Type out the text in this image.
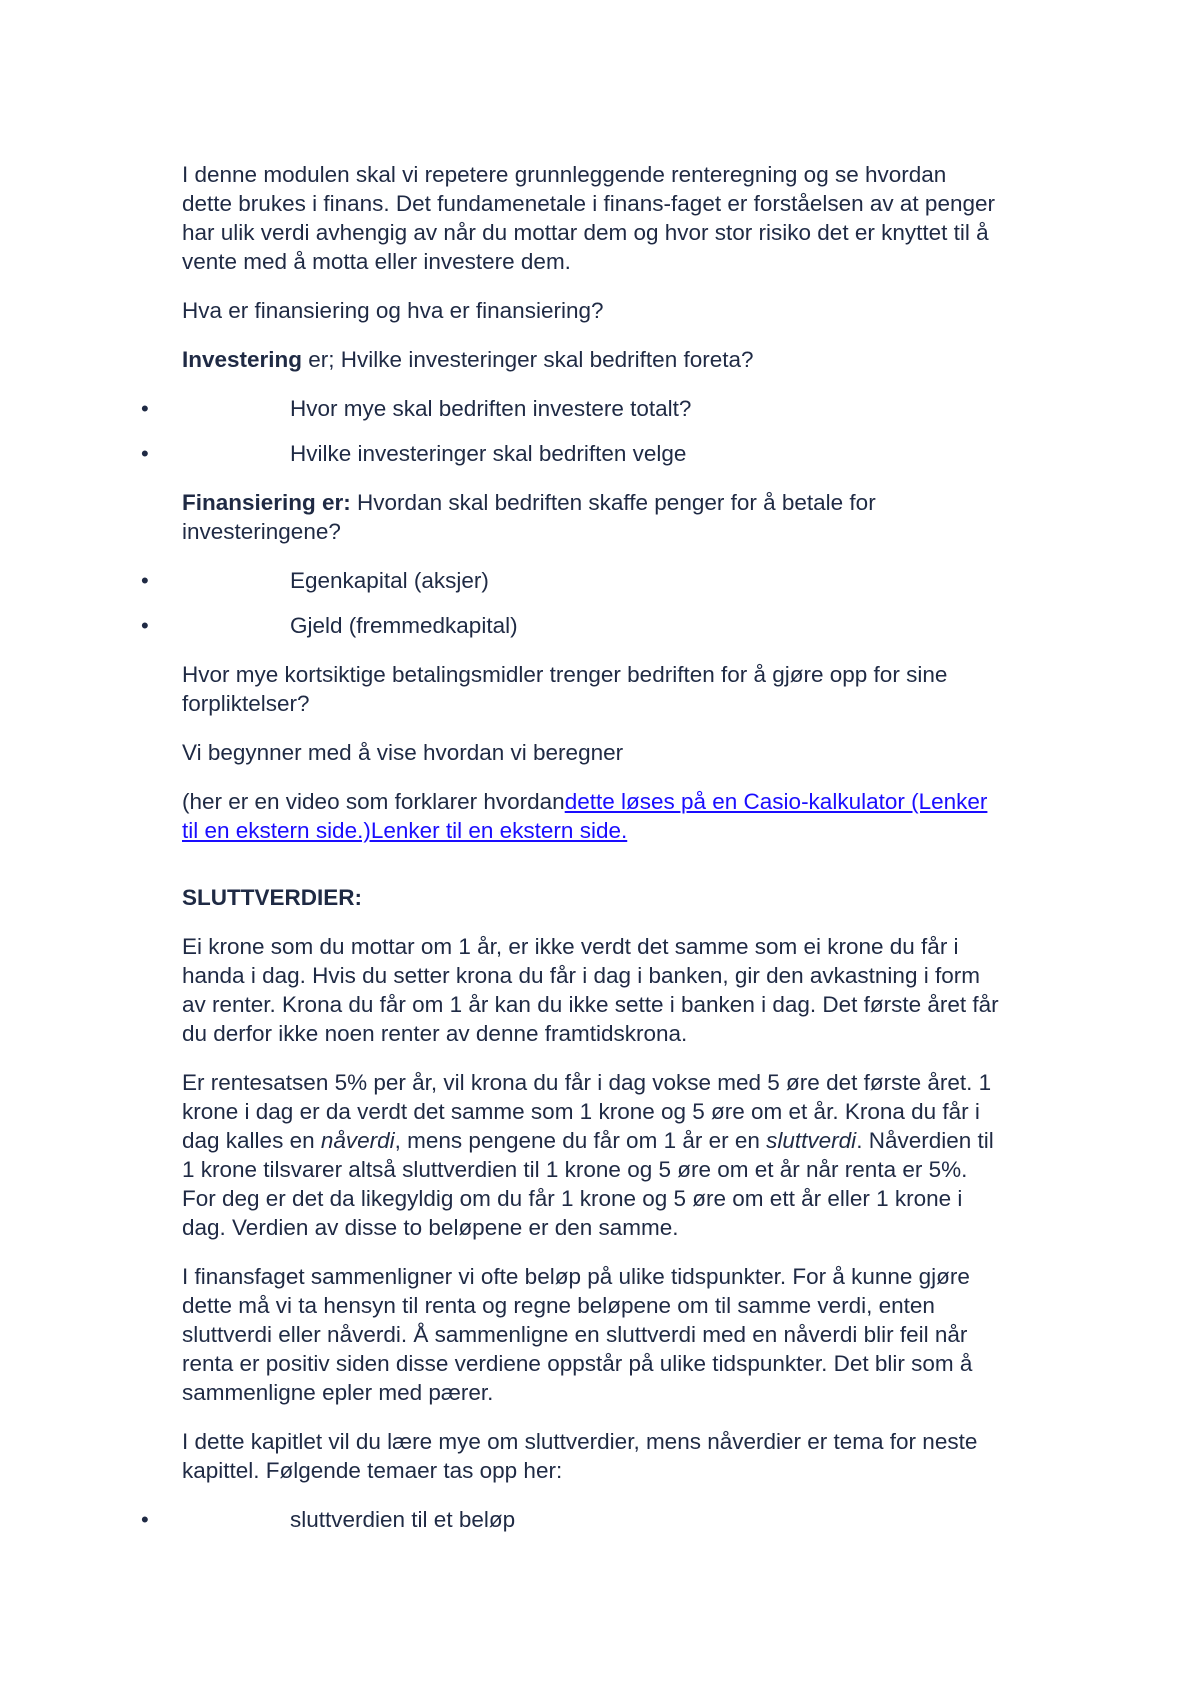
I denne modulen skal vi repetere grunnleggende renteregning og se hvordan
dette brukes i finans. Det fundamenetale i finans-faget er forståelsen av at penger
har ulik verdi avhengig av når du mottar dem og hvor stor risiko det er knyttet til å
vente med å motta eller investere dem.

Hva er finansiering og hva er finansiering?

Investering er; Hvilke investeringer skal bedriften foreta?

•	Hvor mye skal bedriften investere totalt?
•	Hvilke investeringer skal bedriften velge

Finansiering er: Hvordan skal bedriften skaffe penger for å betale for
investeringene?

•	Egenkapital (aksjer)
•	Gjeld (fremmedkapital)

Hvor mye kortsiktige betalingsmidler trenger bedriften for å gjøre opp for sine
forpliktelser?

Vi begynner med å vise hvordan vi beregner

(her er en video som forklarer hvordandette løses på en Casio-kalkulator (Lenker
til en ekstern side.)Lenker til en ekstern side.

SLUTTVERDIER:

Ei krone som du mottar om 1 år, er ikke verdt det samme som ei krone du får i
handa i dag. Hvis du setter krona du får i dag i banken, gir den avkastning i form
av renter. Krona du får om 1 år kan du ikke sette i banken i dag. Det første året får
du derfor ikke noen renter av denne framtidskrona.

Er rentesatsen 5% per år, vil krona du får i dag vokse med 5 øre det første året. 1
krone i dag er da verdt det samme som 1 krone og 5 øre om et år. Krona du får i
dag kalles en nåverdi, mens pengene du får om 1 år er en sluttverdi. Nåverdien til
1 krone tilsvarer altså sluttverdien til 1 krone og 5 øre om et år når renta er 5%.
For deg er det da likegyldig om du får 1 krone og 5 øre om ett år eller 1 krone i
dag. Verdien av disse to beløpene er den samme.

I finansfaget sammenligner vi ofte beløp på ulike tidspunkter. For å kunne gjøre
dette må vi ta hensyn til renta og regne beløpene om til samme verdi, enten
sluttverdi eller nåverdi. Å sammenligne en sluttverdi med en nåverdi blir feil når
renta er positiv siden disse verdiene oppstår på ulike tidspunkter. Det blir som å
sammenligne epler med pærer.

I dette kapitlet vil du lære mye om sluttverdier, mens nåverdier er tema for neste
kapittel. Følgende temaer tas opp her:

•	sluttverdien til et beløp
